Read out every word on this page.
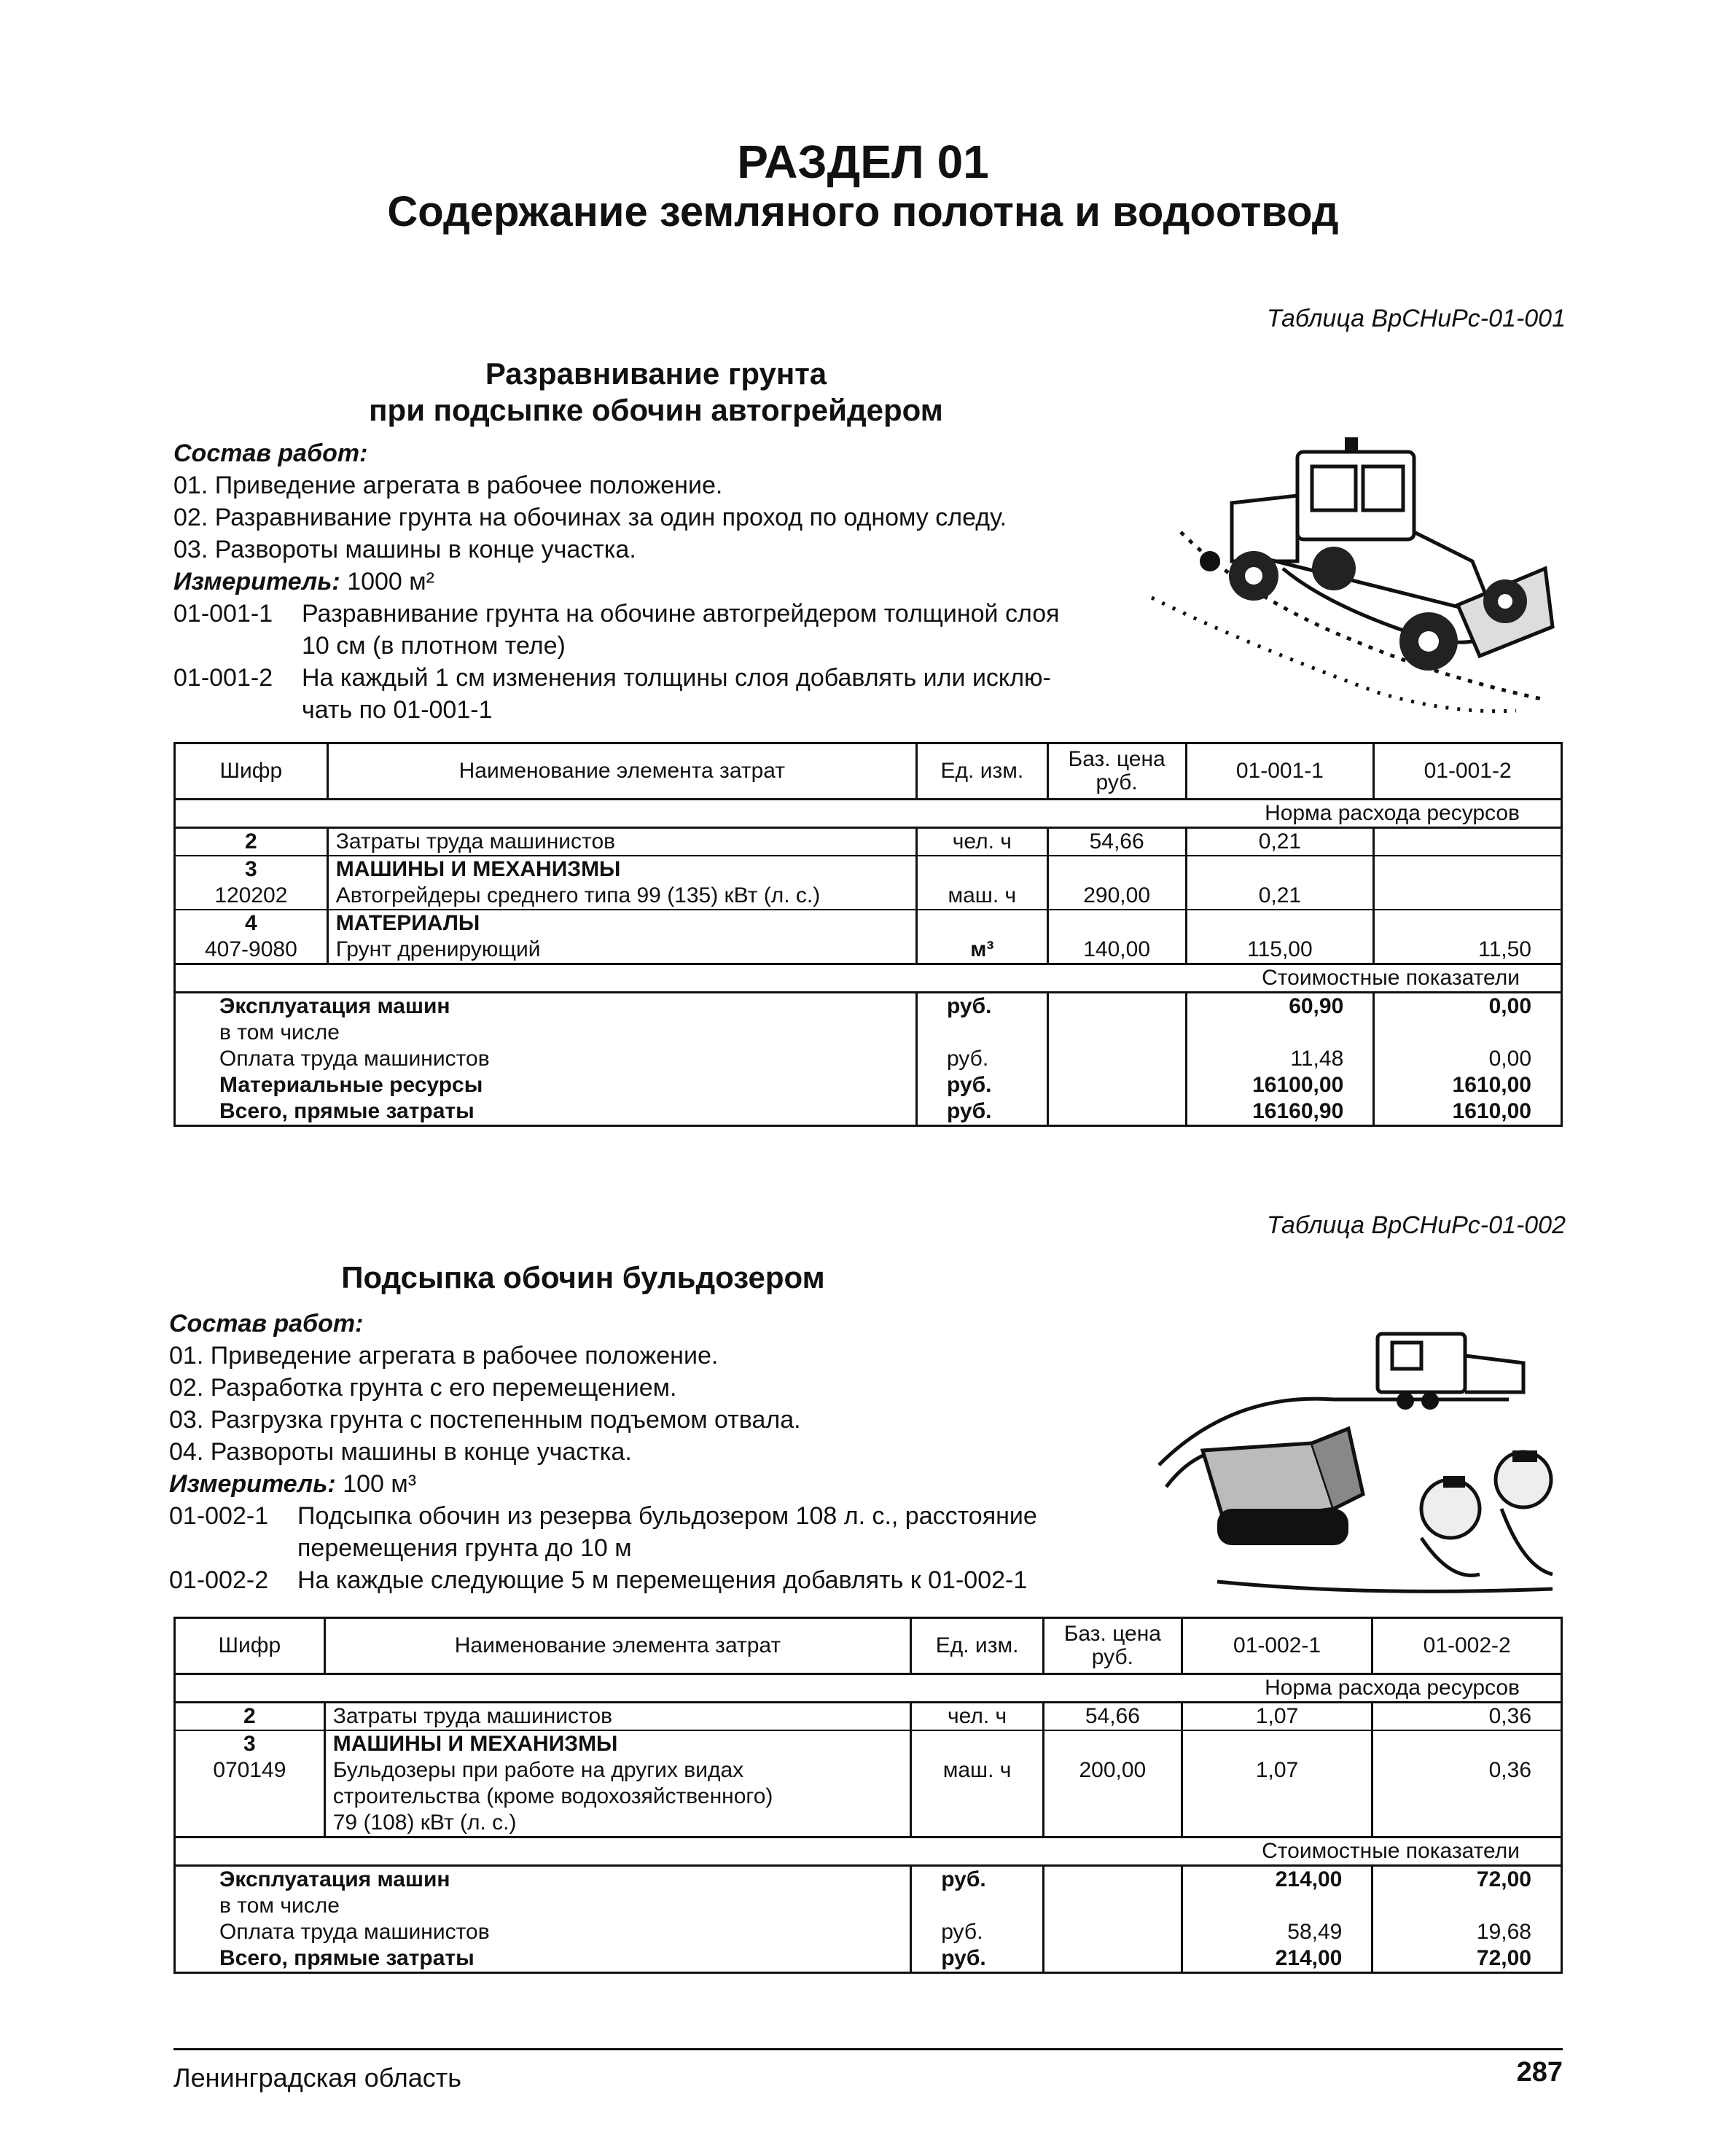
РАЗДЕЛ 01
Содержание земляного полотна и водоотвод
Таблица ВрСНиРс-01-001
Разравнивание грунта
при подсыпке обочин автогрейдером
Состав работ:
01. Приведение агрегата в рабочее положение.
02. Разравнивание грунта на обочинах за один проход по одному следу.
03. Развороты машины в конце участка.
Измеритель: 1000 м²
01-001-1 Разравнивание грунта на обочине автогрейдером толщиной слоя
10 см (в плотном теле)
01-001-2 На каждый 1 см изменения толщины слоя добавлять или исклю-
чать по 01-001-1
Шифр	Наименование элемента затрат	Ед. изм.	Баз. цена руб.	01-001-1	01-001-2
Норма расхода ресурсов					
2	Затраты труда машинистов	чел. ч	54,66	0,21	
3	МАШИНЫ И МЕХАНИЗМЫ				
120202	Автогрейдеры среднего типа 99 (135) кВт (л. с.)	маш. ч	290,00	0,21	
4	МАТЕРИАЛЫ				
407-9080	Грунт дренирующий	м³	140,00	115,00	11,50
Стоимостные показатели					
Эксплуатация машин		руб.		60,90	0,00
в том числе					
Оплата труда машинистов		руб.		11,48	0,00
Материальные ресурсы		руб.		16100,00	1610,00
Всего, прямые затраты		руб.		16160,90	1610,00
Таблица ВрСНиРс-01-002
Подсыпка обочин бульдозером
Состав работ:
01. Приведение агрегата в рабочее положение.
02. Разработка грунта с его перемещением.
03. Разгрузка грунта с постепенным подъемом отвала.
04. Развороты машины в конце участка.
Измеритель: 100 м³
01-002-1 Подсыпка обочин из резерва бульдозером 108 л. с., расстояние
перемещения грунта до 10 м
01-002-2 На каждые следующие 5 м перемещения добавлять к 01-002-1
Шифр	Наименование элемента затрат	Ед. изм.	Баз. цена руб.	01-002-1	01-002-2
Норма расхода ресурсов					
2	Затраты труда машинистов	чел. ч	54,66	1,07	0,36
3	МАШИНЫ И МЕХАНИЗМЫ				
070149	Бульдозеры при работе на других видах	маш. ч	200,00	1,07	0,36
	строительства (кроме водохозяйственного)				
	79 (108) кВт (л. с.)				
Стоимостные показатели					
Эксплуатация машин		руб.		214,00	72,00
в том числе					
Оплата труда машинистов		руб.		58,49	19,68
Всего, прямые затраты		руб.		214,00	72,00
Ленинградская область	287
